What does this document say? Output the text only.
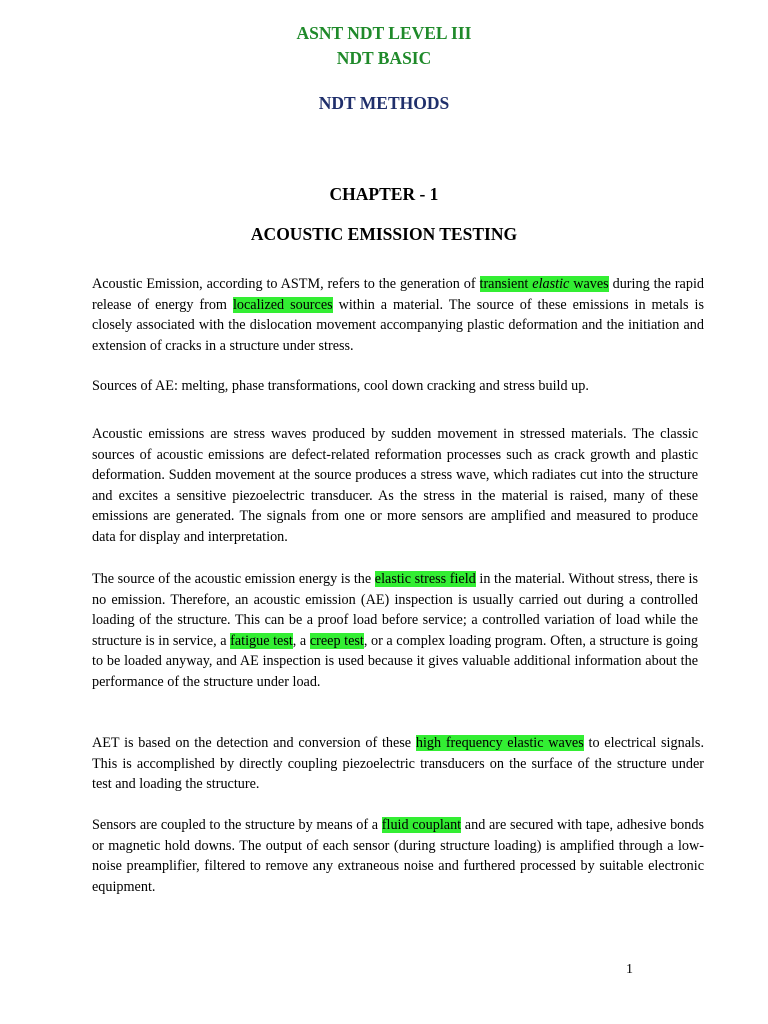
ASNT NDT LEVEL III
NDT BASIC
NDT METHODS
CHAPTER - 1
ACOUSTIC EMISSION TESTING

Acoustic Emission, according to ASTM, refers to the generation of transient elastic waves during the rapid release of energy from localized sources within a material. The source of these emissions in metals is closely associated with the dislocation movement accompanying plastic deformation and the initiation and extension of cracks in a structure under stress.

Sources of AE: melting, phase transformations, cool down cracking and stress build up.

Acoustic emissions are stress waves produced by sudden movement in stressed materials. The classic sources of acoustic emissions are defect-related reformation processes such as crack growth and plastic deformation. Sudden movement at the source produces a stress wave, which radiates cut into the structure and excites a sensitive piezoelectric transducer. As the stress in the material is raised, many of these emissions are generated. The signals from one or more sensors are amplified and measured to produce data for display and interpretation.

The source of the acoustic emission energy is the elastic stress field in the material. Without stress, there is no emission. Therefore, an acoustic emission (AE) inspection is usually carried out during a controlled loading of the structure. This can be a proof load before service; a controlled variation of load while the structure is in service, a fatigue test, a creep test, or a complex loading program. Often, a structure is going to be loaded anyway, and AE inspection is used because it gives valuable additional information about the performance of the structure under load.

AET is based on the detection and conversion of these high frequency elastic waves to electrical signals. This is accomplished by directly coupling piezoelectric transducers on the surface of the structure under test and loading the structure.

Sensors are coupled to the structure by means of a fluid couplant and are secured with tape, adhesive bonds or magnetic hold downs. The output of each sensor (during structure loading) is amplified through a low-noise preamplifier, filtered to remove any extraneous noise and furthered processed by suitable electronic equipment.

1
